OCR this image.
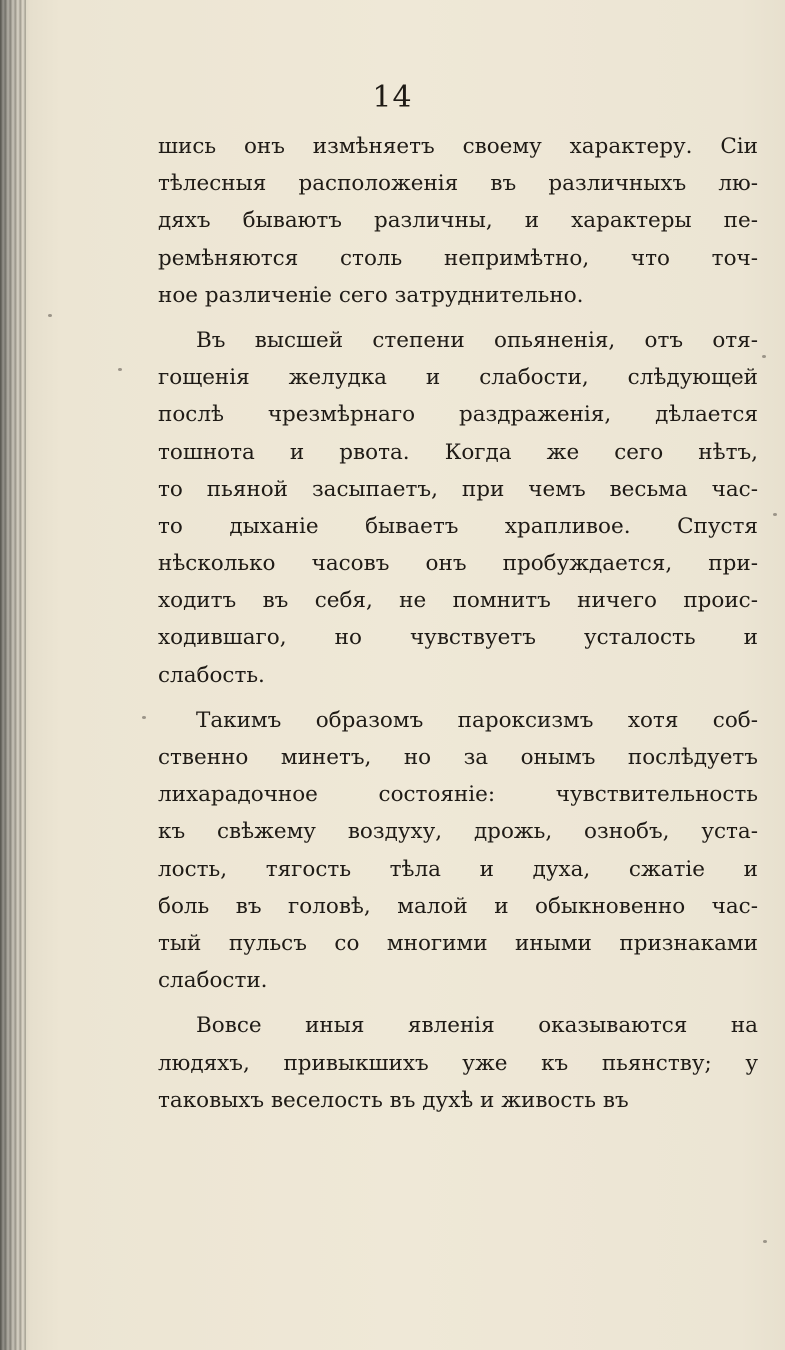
14
шись онъ измѣняетъ своему характеру. Сіи
тѣлесныя расположенія въ различныхъ лю-
дяхъ бываютъ различны, и характеры пе-
ремѣняются столь непримѣтно, что точ-
ное различеніе сего затруднительно.
Въ высшей степени опьяненія, отъ отя-
гощенія желудка и слабости, слѣдующей
послѣ чрезмѣрнаго раздраженія, дѣлается
тошнота и рвота. Когда же сего нѣтъ,
то пьяной засыпаетъ, при чемъ весьма час-
то дыханіе бываетъ храпливое. Спустя
нѣсколько часовъ онъ пробуждается, при-
ходитъ въ себя, не помнитъ ничего проис-
ходившаго, но чувствуетъ усталость и
слабость.
Такимъ образомъ пароксизмъ хотя соб-
ственно минетъ, но за онымъ послѣдуетъ
лихарадочное состояніе: чувствительность
къ свѣжему воздуху, дрожь, ознобъ, уста-
лость, тягость тѣла и духа, сжатіе и
боль въ головѣ, малой и обыкновенно час-
тый пульсъ со многими иными признаками
слабости.
Вовсе иныя явленія оказываются на
людяхъ, привыкшихъ уже къ пьянству; у
таковыхъ веселость въ духѣ и живость въ
